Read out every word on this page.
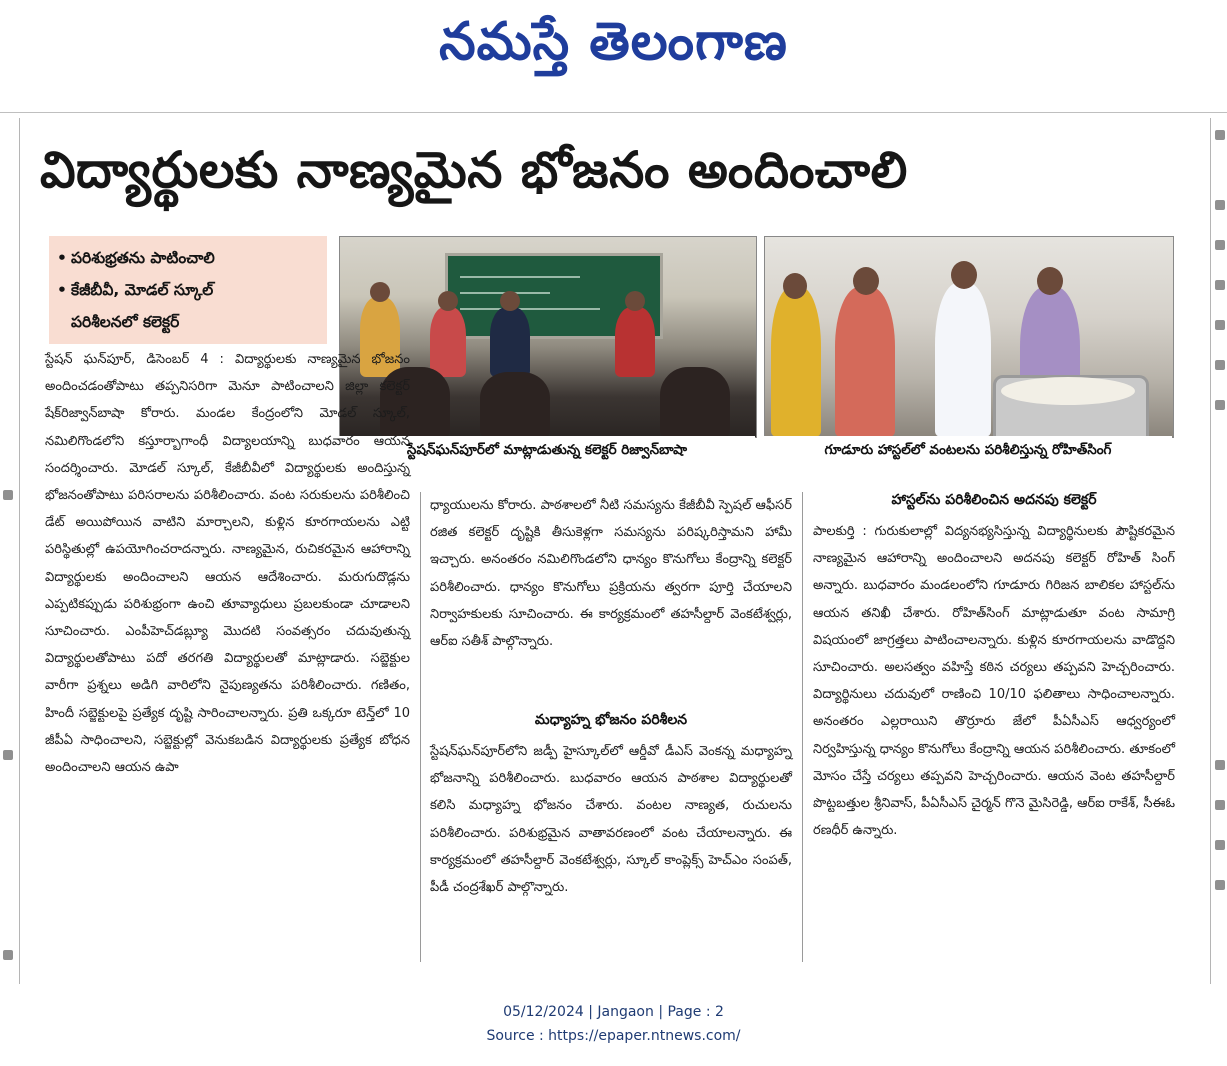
నమస్తే తెలంగాణ
విద్యార్థులకు నాణ్యమైన భోజనం అందించాలి
• పరిశుభ్రతను పాటించాలి
• కేజీబీవీ, మోడల్ స్కూల్
పరిశీలనలో కలెక్టర్
స్టేషన్‌ఘన్‌పూర్‌లో మాట్లాడుతున్న కలెక్టర్ రిజ్వాన్‌బాషా	గూడూరు హాస్టల్‌లో వంటలను పరిశీలిస్తున్న రోహిత్‌సింగ్

స్టేషన్ ఘన్‌పూర్, డిసెంబర్ 4 : విద్యార్థులకు నాణ్యమైన భోజనం అందించడంతోపాటు తప్పనిసరిగా మెనూ పాటించాలని జిల్లా కలెక్టర్ షేక్‌రిజ్వాన్‌బాషా కోరారు. మండల కేంద్రంలోని మోడల్ స్కూల్, నమిలిగొండలోని కస్తూర్బాగాంధీ విద్యాలయాన్ని బుధవారం ఆయన సందర్శించారు. మోడల్ స్కూల్, కేజీబీవీలో విద్యార్థులకు అందిస్తున్న భోజనంతోపాటు పరిసరాలను పరిశీలించారు. వంట సరుకులను పరిశీలించి డేట్ అయిపోయిన వాటిని మార్చాలని, కుళ్లిన కూరగాయలను ఎట్టి పరిస్థితుల్లో ఉపయోగించరాదన్నారు. నాణ్యమైన, రుచికరమైన ఆహారాన్ని విద్యార్థులకు అందించాలని ఆయన ఆదేశించారు. మరుగుదొడ్లను ఎప్పటికప్పుడు పరిశుభ్రంగా ఉంచి తూవ్యాధులు ప్రబలకుండా చూడాలని సూచించారు. ఎంపీహెచ్‌డబ్ల్యూ మొదటి సంవత్సరం చదువుతున్న విద్యార్థులతోపాటు పదో తరగతి విద్యార్థులతో మాట్లాడారు. సబ్జెక్టుల వారీగా ప్రశ్నలు అడిగి వారిలోని నైపుణ్యతను పరిశీలించారు. గణితం, హిందీ సబ్జెక్టులపై ప్రత్యేక దృష్టి సారించాలన్నారు. ప్రతి ఒక్కరూ టెన్త్‌లో 10 జీపీఏ సాధించాలని, సబ్జెక్టుల్లో వెనుకబడిన విద్యార్థులకు ప్రత్యేక బోధన అందించాలని ఆయన ఉపా

ధ్యాయులను కోరారు. పాఠశాలలో నీటి సమస్యను కేజీబీవీ స్పెషల్ ఆఫీసర్ రజిత కలెక్టర్ దృష్టికి తీసుకెళ్లగా సమస్యను పరిష్కరిస్తామని హామీ ఇచ్చారు. అనంతరం నమిలిగొండలోని ధాన్యం కొనుగోలు కేంద్రాన్ని కలెక్టర్ పరిశీలించారు. ధాన్యం కొనుగోలు ప్రక్రియను త్వరగా పూర్తి చేయాలని నిర్వాహకులకు సూచించారు. ఈ కార్యక్రమంలో తహసీల్దార్ వెంకటేశ్వర్లు, ఆర్ఐ సతీశ్ పాల్గొన్నారు.

మధ్యాహ్న భోజనం పరిశీలన

స్టేషన్‌ఘన్‌పూర్‌లోని జడ్పీ హైస్కూల్‌లో ఆర్డీవో డీఎస్ వెంకన్న మధ్యాహ్న భోజనాన్ని పరిశీలించారు. బుధవారం ఆయన పాఠశాల విద్యార్థులతో కలిసి మధ్యాహ్న భోజనం చేశారు. వంటల నాణ్యత, రుచులను పరిశీలించారు. పరిశుభ్రమైన వాతావరణంలో వంట చేయాలన్నారు. ఈ కార్యక్రమంలో తహసీల్దార్ వెంకటేశ్వర్లు, స్కూల్ కాంప్లెక్స్ హెచ్‌ఎం సంపత్, పీడీ చంద్రశేఖర్ పాల్గొన్నారు.

హాస్టల్‌ను పరిశీలించిన అదనపు కలెక్టర్

పాలకుర్తి : గురుకులాల్లో విద్యనభ్యసిస్తున్న విద్యార్థినులకు పౌష్టికరమైన నాణ్యమైన ఆహారాన్ని అందించాలని అదనపు కలెక్టర్ రోహిత్ సింగ్ అన్నారు. బుధవారం మండలంలోని గూడూరు గిరిజన బాలికల హాస్టల్‌ను ఆయన తనిఖీ చేశారు. రోహిత్‌సింగ్ మాట్లాడుతూ వంట సామాగ్రి విషయంలో జాగ్రత్తలు పాటించాలన్నారు. కుళ్లిన కూరగాయలను వాడొద్దని సూచించారు. అలసత్వం వహిస్తే కఠిన చర్యలు తప్పవని హెచ్చరించారు. విద్యార్థినులు చదువులో రాణించి 10/10 ఫలితాలు సాధించాలన్నారు. అనంతరం ఎల్లరాయిని తొర్రూరు జేలో పీఏసీఎస్ ఆధ్వర్యంలో నిర్వహిస్తున్న ధాన్యం కొనుగోలు కేంద్రాన్ని ఆయన పరిశీలించారు. తూకంలో మోసం చేస్తే చర్యలు తప్పవని హెచ్చరించారు. ఆయన వెంట తహసీల్దార్ పొట్టబత్తుల శ్రీనివాస్, పీఏసీఎస్ చైర్మన్ గొనె మైసిరెడ్డి, ఆర్ఐ రాకేశ్, సీఈఓ రణధీర్ ఉన్నారు.

05/12/2024 | Jangaon | Page : 2
Source : https://epaper.ntnews.com/
